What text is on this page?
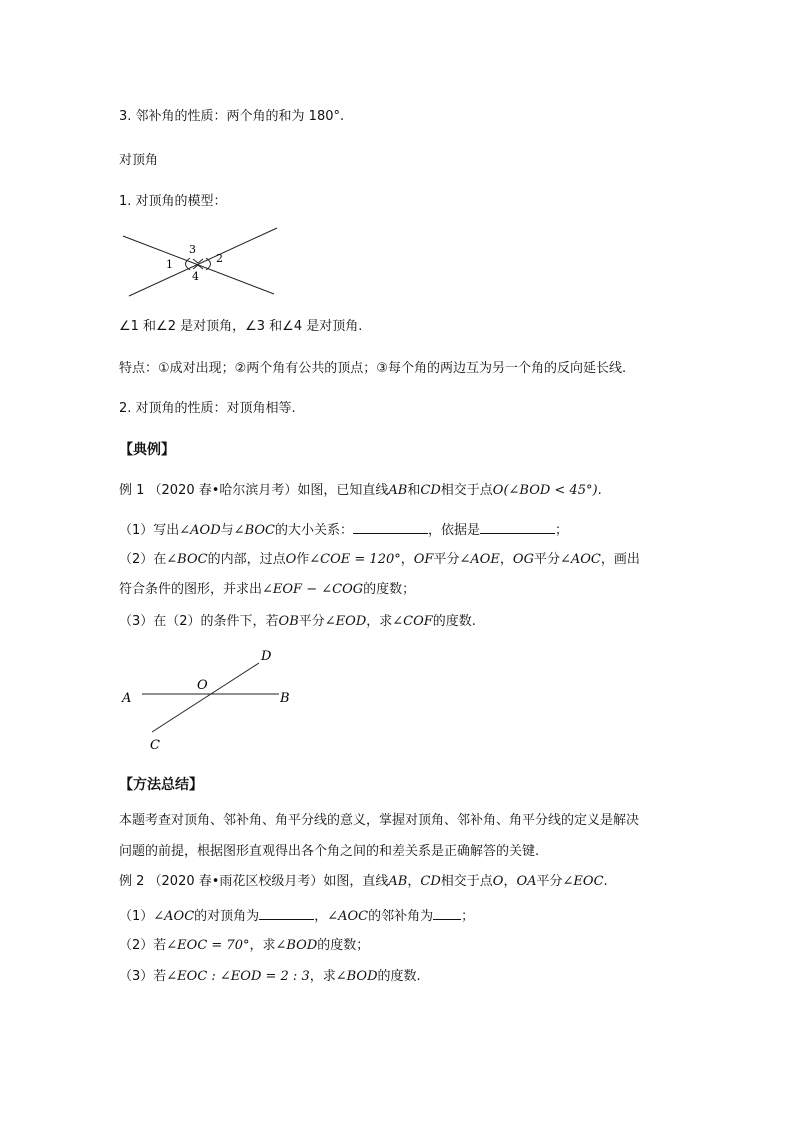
3. 邻补角的性质：两个角的和为 180°.
对顶角
1. 对顶角的模型：
1	2
3
4
∠1 和∠2 是对顶角，∠3 和∠4 是对顶角.
特点：①成对出现；②两个角有公共的顶点；③每个角的两边互为另一个角的反向延长线.
2. 对顶角的性质：对顶角相等.
【典例】
例 1 （2020 春•哈尔滨月考）如图，已知直线AB和CD相交于点O(∠BOD < 45°).
（1）写出∠AOD与∠BOC的大小关系：	，依据是	；
（2）在∠BOC的内部，过点O作∠COE = 120°，OF平分∠AOE，OG平分∠AOC，画出
符合条件的图形，并求出∠EOF − ∠COG的度数；
（3）在（2）的条件下，若OB平分∠EOD，求∠COF的度数.
A	B
C
D
O
【方法总结】
本题考查对顶角、邻补角、角平分线的意义，掌握对顶角、邻补角、角平分线的定义是解决
问题的前提，根据图形直观得出各个角之间的和差关系是正确解答的关键.
例 2 （2020 春•雨花区校级月考）如图，直线AB，CD相交于点O，OA平分∠EOC.
（1）∠AOC的对顶角为	，∠AOC的邻补角为 ；
（2）若∠EOC = 70°，求∠BOD的度数；
（3）若∠EOC : ∠EOD = 2 : 3，求∠BOD的度数.
